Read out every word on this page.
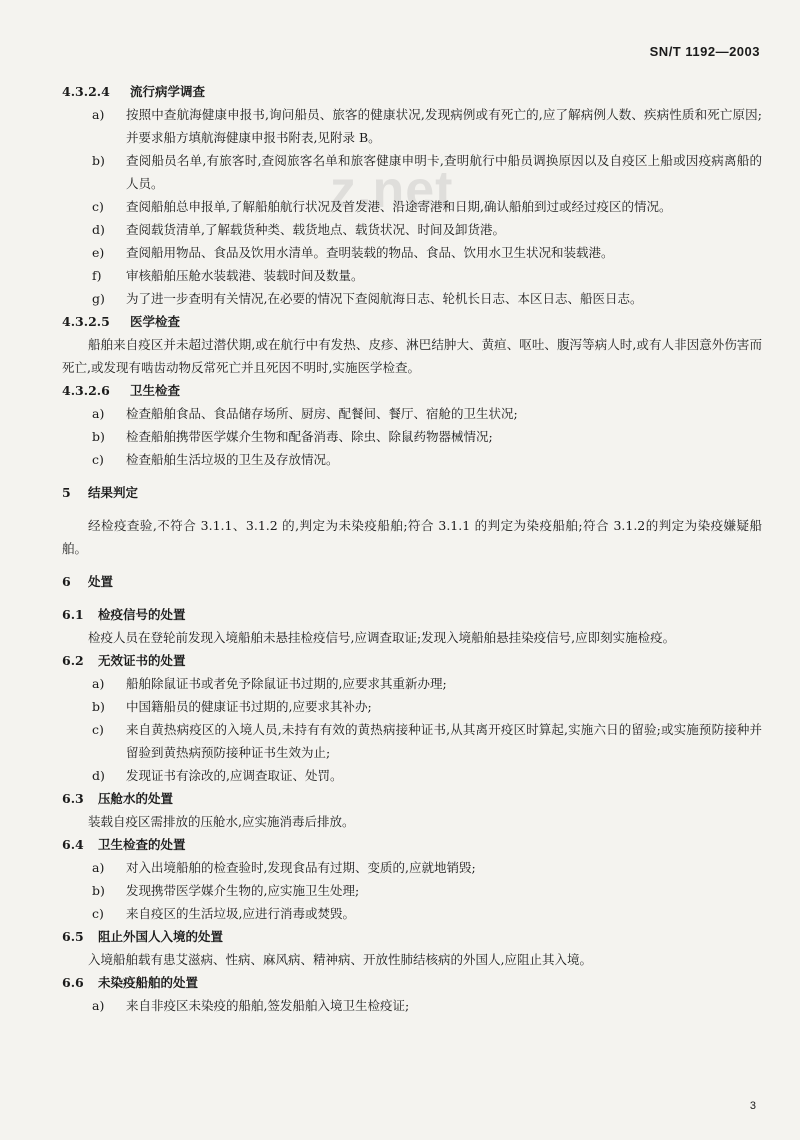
SN/T 1192—2003
z.net
4.3.2.4 流行病学调查
a)	按照中查航海健康申报书,询问船员、旅客的健康状况,发现病例或有死亡的,应了解病例人数、疾病性质和死亡原因;并要求船方填航海健康申报书附表,见附录 B。
b)	查阅船员名单,有旅客时,查阅旅客名单和旅客健康申明卡,查明航行中船员调换原因以及自疫区上船或因疫病离船的人员。
c)	查阅船舶总申报单,了解船舶航行状况及首发港、沿途寄港和日期,确认船舶到过或经过疫区的情况。
d)	查阅载货清单,了解载货种类、载货地点、载货状况、时间及卸货港。
e)	查阅船用物品、食品及饮用水清单。查明装载的物品、食品、饮用水卫生状况和装载港。
f)	审核船舶压舱水装载港、装载时间及数量。
g)	为了进一步查明有关情况,在必要的情况下查阅航海日志、轮机长日志、本区日志、船医日志。
4.3.2.5 医学检查
船舶来自疫区并未超过潜伏期,或在航行中有发热、皮疹、淋巴结肿大、黄疸、呕吐、腹泻等病人时,或有人非因意外伤害而死亡,或发现有啮齿动物反常死亡并且死因不明时,实施医学检查。
4.3.2.6 卫生检查
a)	检查船舶食品、食品储存场所、厨房、配餐间、餐厅、宿舱的卫生状况;
b)	检查船舶携带医学媒介生物和配备消毒、除虫、除鼠药物器械情况;
c)	检查船舶生活垃圾的卫生及存放情况。
5 结果判定
经检疫查验,不符合 3.1.1、3.1.2 的,判定为未染疫船舶;符合 3.1.1 的判定为染疫船舶;符合 3.1.2的判定为染疫嫌疑船舶。
6 处置
6.1 检疫信号的处置
检疫人员在登轮前发现入境船舶未悬挂检疫信号,应调查取证;发现入境船舶悬挂染疫信号,应即刻实施检疫。
6.2 无效证书的处置
a)	船舶除鼠证书或者免予除鼠证书过期的,应要求其重新办理;
b)	中国籍船员的健康证书过期的,应要求其补办;
c)	来自黄热病疫区的入境人员,未持有有效的黄热病接种证书,从其离开疫区时算起,实施六日的留验;或实施预防接种并留验到黄热病预防接种证书生效为止;
d)	发现证书有涂改的,应调查取证、处罚。
6.3 压舱水的处置
装载自疫区需排放的压舱水,应实施消毒后排放。
6.4 卫生检查的处置
a)	对入出境船舶的检查验时,发现食品有过期、变质的,应就地销毁;
b)	发现携带医学媒介生物的,应实施卫生处理;
c)	来自疫区的生活垃圾,应进行消毒或焚毁。
6.5 阻止外国人入境的处置
入境船舶载有患艾滋病、性病、麻风病、精神病、开放性肺结核病的外国人,应阻止其入境。
6.6 未染疫船舶的处置
a)	来自非疫区未染疫的船舶,签发船舶入境卫生检疫证;
3
